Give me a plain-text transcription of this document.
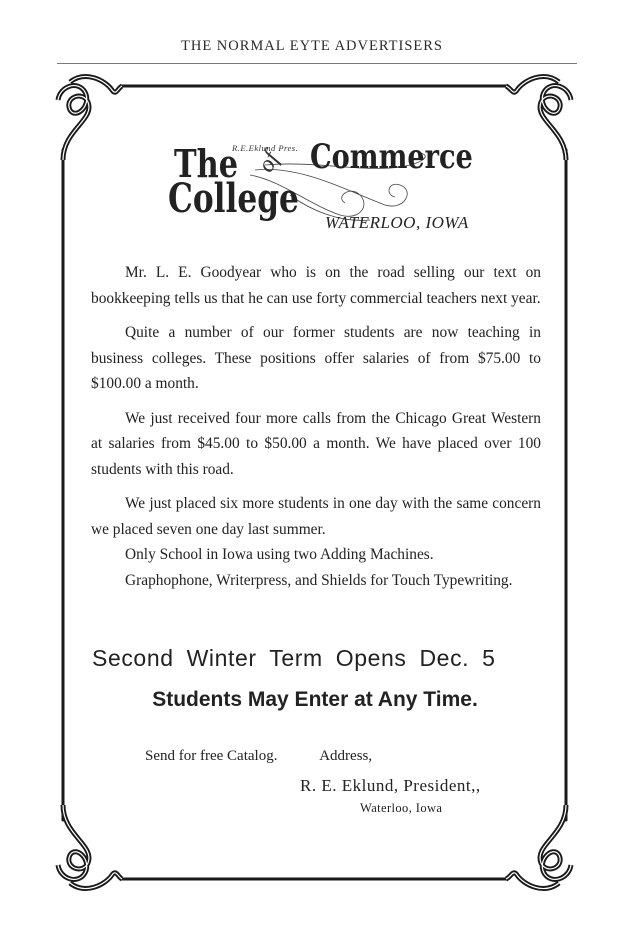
THE NORMAL EYTE ADVERTISERS
The
R.E.Eklund Pres.
College
of Commerce
WATERLOO, IOWA

Mr. L. E. Goodyear who is on the road selling our text on bookkeeping tells us that he can use forty commercial teachers next year.

Quite a number of our former students are now teaching in business colleges. These positions offer salaries of from $75.00 to $100.00 a month.

We just received four more calls from the Chicago Great Western at salaries from $45.00 to $50.00 a month. We have placed over 100 students with this road.

We just placed six more students in one day with the same concern we placed seven one day last summer.

Only School in Iowa using two Adding Machines.

Graphophone, Writerpress, and Shields for Touch Typewriting.

Second Winter Term Opens Dec. 5
Students May Enter at Any Time.
Send for free Catalog.	Address,
R. E. Eklund, President,,
Waterloo, Iowa
